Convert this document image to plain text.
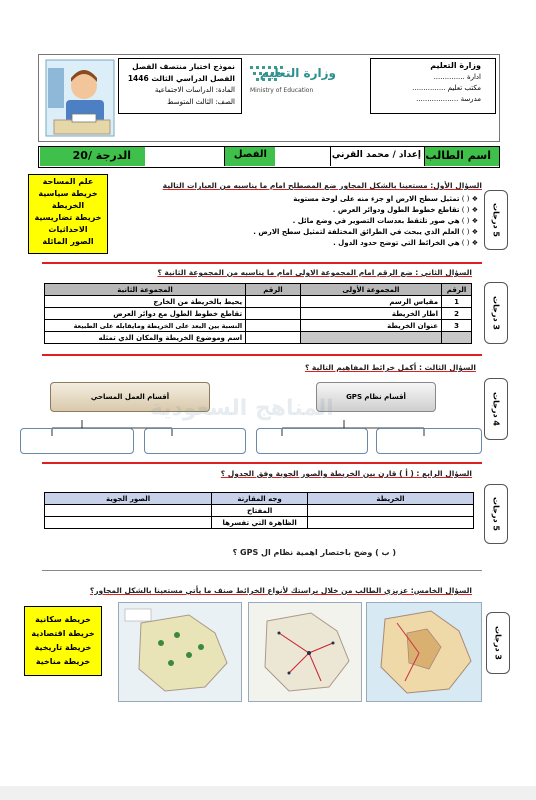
وزارة التعليم
ادارة ..............
مكتب تعليم ...............
مدرسة ...................
وزارة التعليم
Ministry of Education
نموذج اختبار منتصف الفصل
الفصل الدراسي الثالث 1446
المادة: الدراسات الاجتماعية
الصف: الثالث المتوسط
اسم الطالب
إعداد / محمد القرني
الفصل
الدرجة /20
علم المساحة
خريطة سياسية
الخريطة
خريطة تضاريسية
الاحداثيات
الصور المائلة
السؤال الأول: مستعينا بالشكل المجاور ضع المصطلح امام ما يناسبه من العبارات التالية
5 درجات
❖ ( ) تمثيل سطح الارض او جزء منه على لوحة مستوية
❖ ( ) تقاطع خطوط الطول ودوائر العرض .
❖ ( ) هي صور تلتقط بعدسات التصوير في وضع مائل .
❖ ( ) العلم الذي يبحث في الطرائق المختلفة لتمثيل سطح الارض .
❖ ( ) هي الخرائط التي توضح حدود الدول .
السؤال الثاني : ضع الرقم امام المجموعة الاولى امام ما يناسبه من المجموعة الثانية ؟
3 درجات
المجموعة الثانية	الرقم	المجموعة الأولى	الرقم
يحيط بالخريطة من الخارج		مقياس الرسم	1
تقاطع خطوط الطول مع دوائر العرض		اطار الخريطة	2
النسبة بين البعد على الخريطة ومايقابله على الطبيعة		عنوان الخريطة	3
اسم وموضوع الخريطة والمكان الذي تمثله			
السؤال الثالث : أكمل خرائط المفاهيم التالية ؟
4 درجات
أقسام العمل المساحي	أقسام نظام GPS
المناهج السعودية
السؤال الرابع : ( أ ) قارن بين الخريطة والصور الجوية وفق الجدول ؟
5 درجات
الصور الجوية	وجه المقارنة	الخريطة
	المفتاح	
	الظاهرة التي تفسرها	
( ب ) وضح باختصار اهمية نظام ال GPS ؟
السؤال الخامس: عزيزي الطالب من خلال براستك لأنواع الخرائط صنف ما يأتي مستعينا بالشكل المجاور؟
3 درجات
خريطة سكانية
خريطة اقتصادية
خريطة تاريخية
خريطة مناخية
